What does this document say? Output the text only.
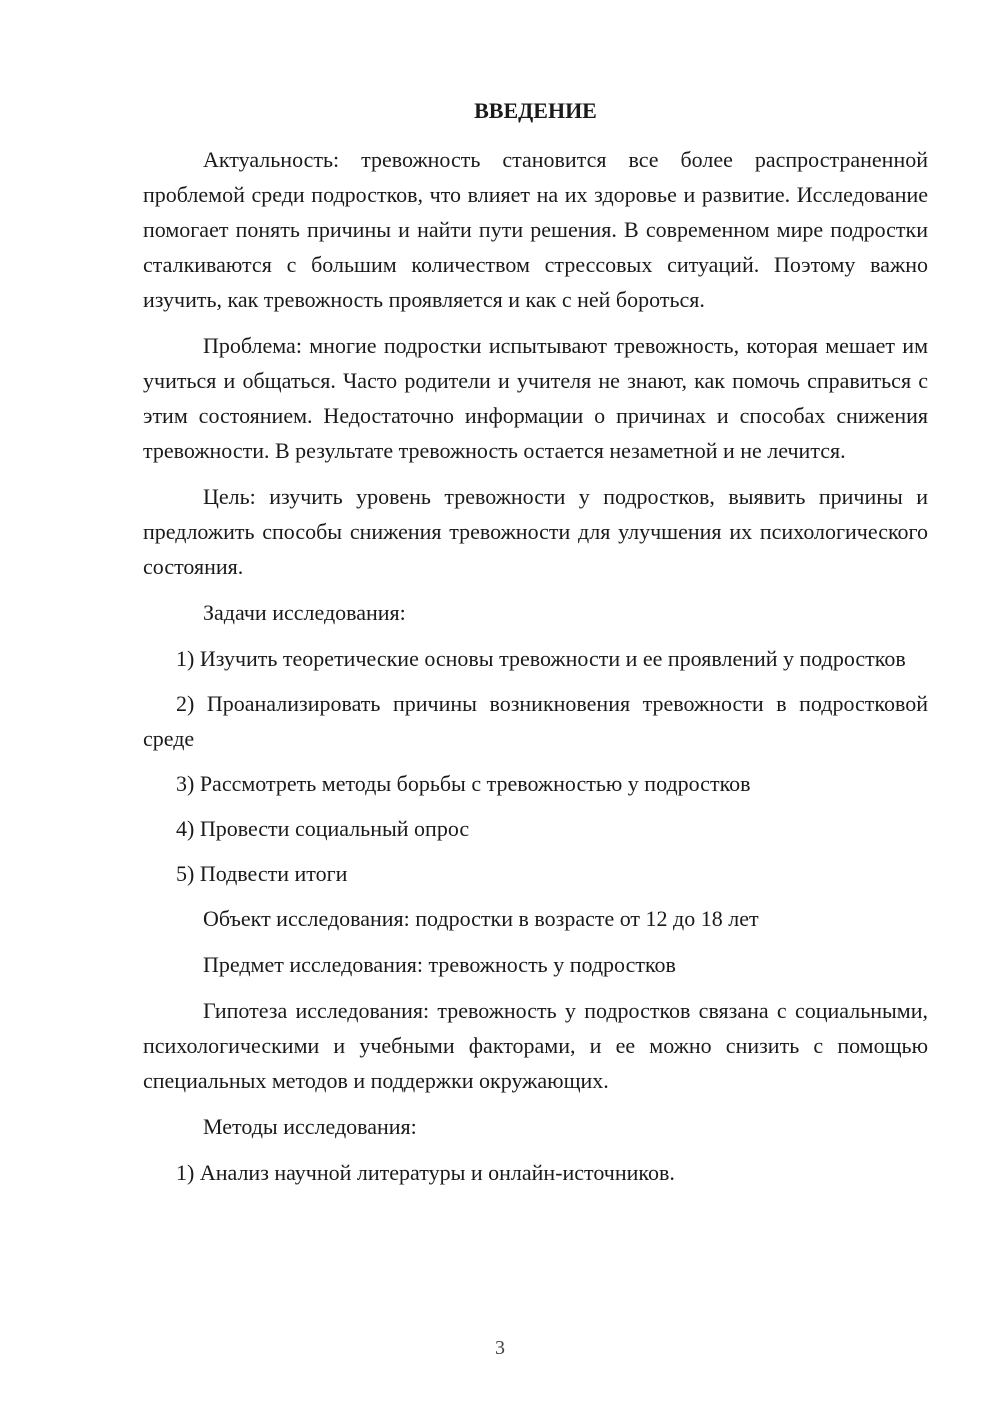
ВВЕДЕНИЕ

Актуальность: тревожность становится все более распространенной проблемой среди подростков, что влияет на их здоровье и развитие. Исследование помогает понять причины и найти пути решения. В современном мире подростки сталкиваются с большим количеством стрессовых ситуаций. Поэтому важно изучить, как тревожность проявляется и как с ней бороться.

Проблема: многие подростки испытывают тревожность, которая мешает им учиться и общаться. Часто родители и учителя не знают, как помочь справиться с этим состоянием. Недостаточно информации о причинах и способах снижения тревожности. В результате тревожность остается незаметной и не лечится.

Цель: изучить уровень тревожности у подростков, выявить причины и предложить способы снижения тревожности для улучшения их психологического состояния.

Задачи исследования:

1) Изучить теоретические основы тревожности и ее проявлений у подростков

2) Проанализировать причины возникновения тревожности в подростковой среде

3) Рассмотреть методы борьбы с тревожностью у подростков

4) Провести социальный опрос

5) Подвести итоги

Объект исследования: подростки в возрасте от 12 до 18 лет

Предмет исследования: тревожность у подростков

Гипотеза исследования: тревожность у подростков связана с социальными, психологическими и учебными факторами, и ее можно снизить с помощью специальных методов и поддержки окружающих.

Методы исследования:

1) Анализ научной литературы и онлайн-источников.

3
